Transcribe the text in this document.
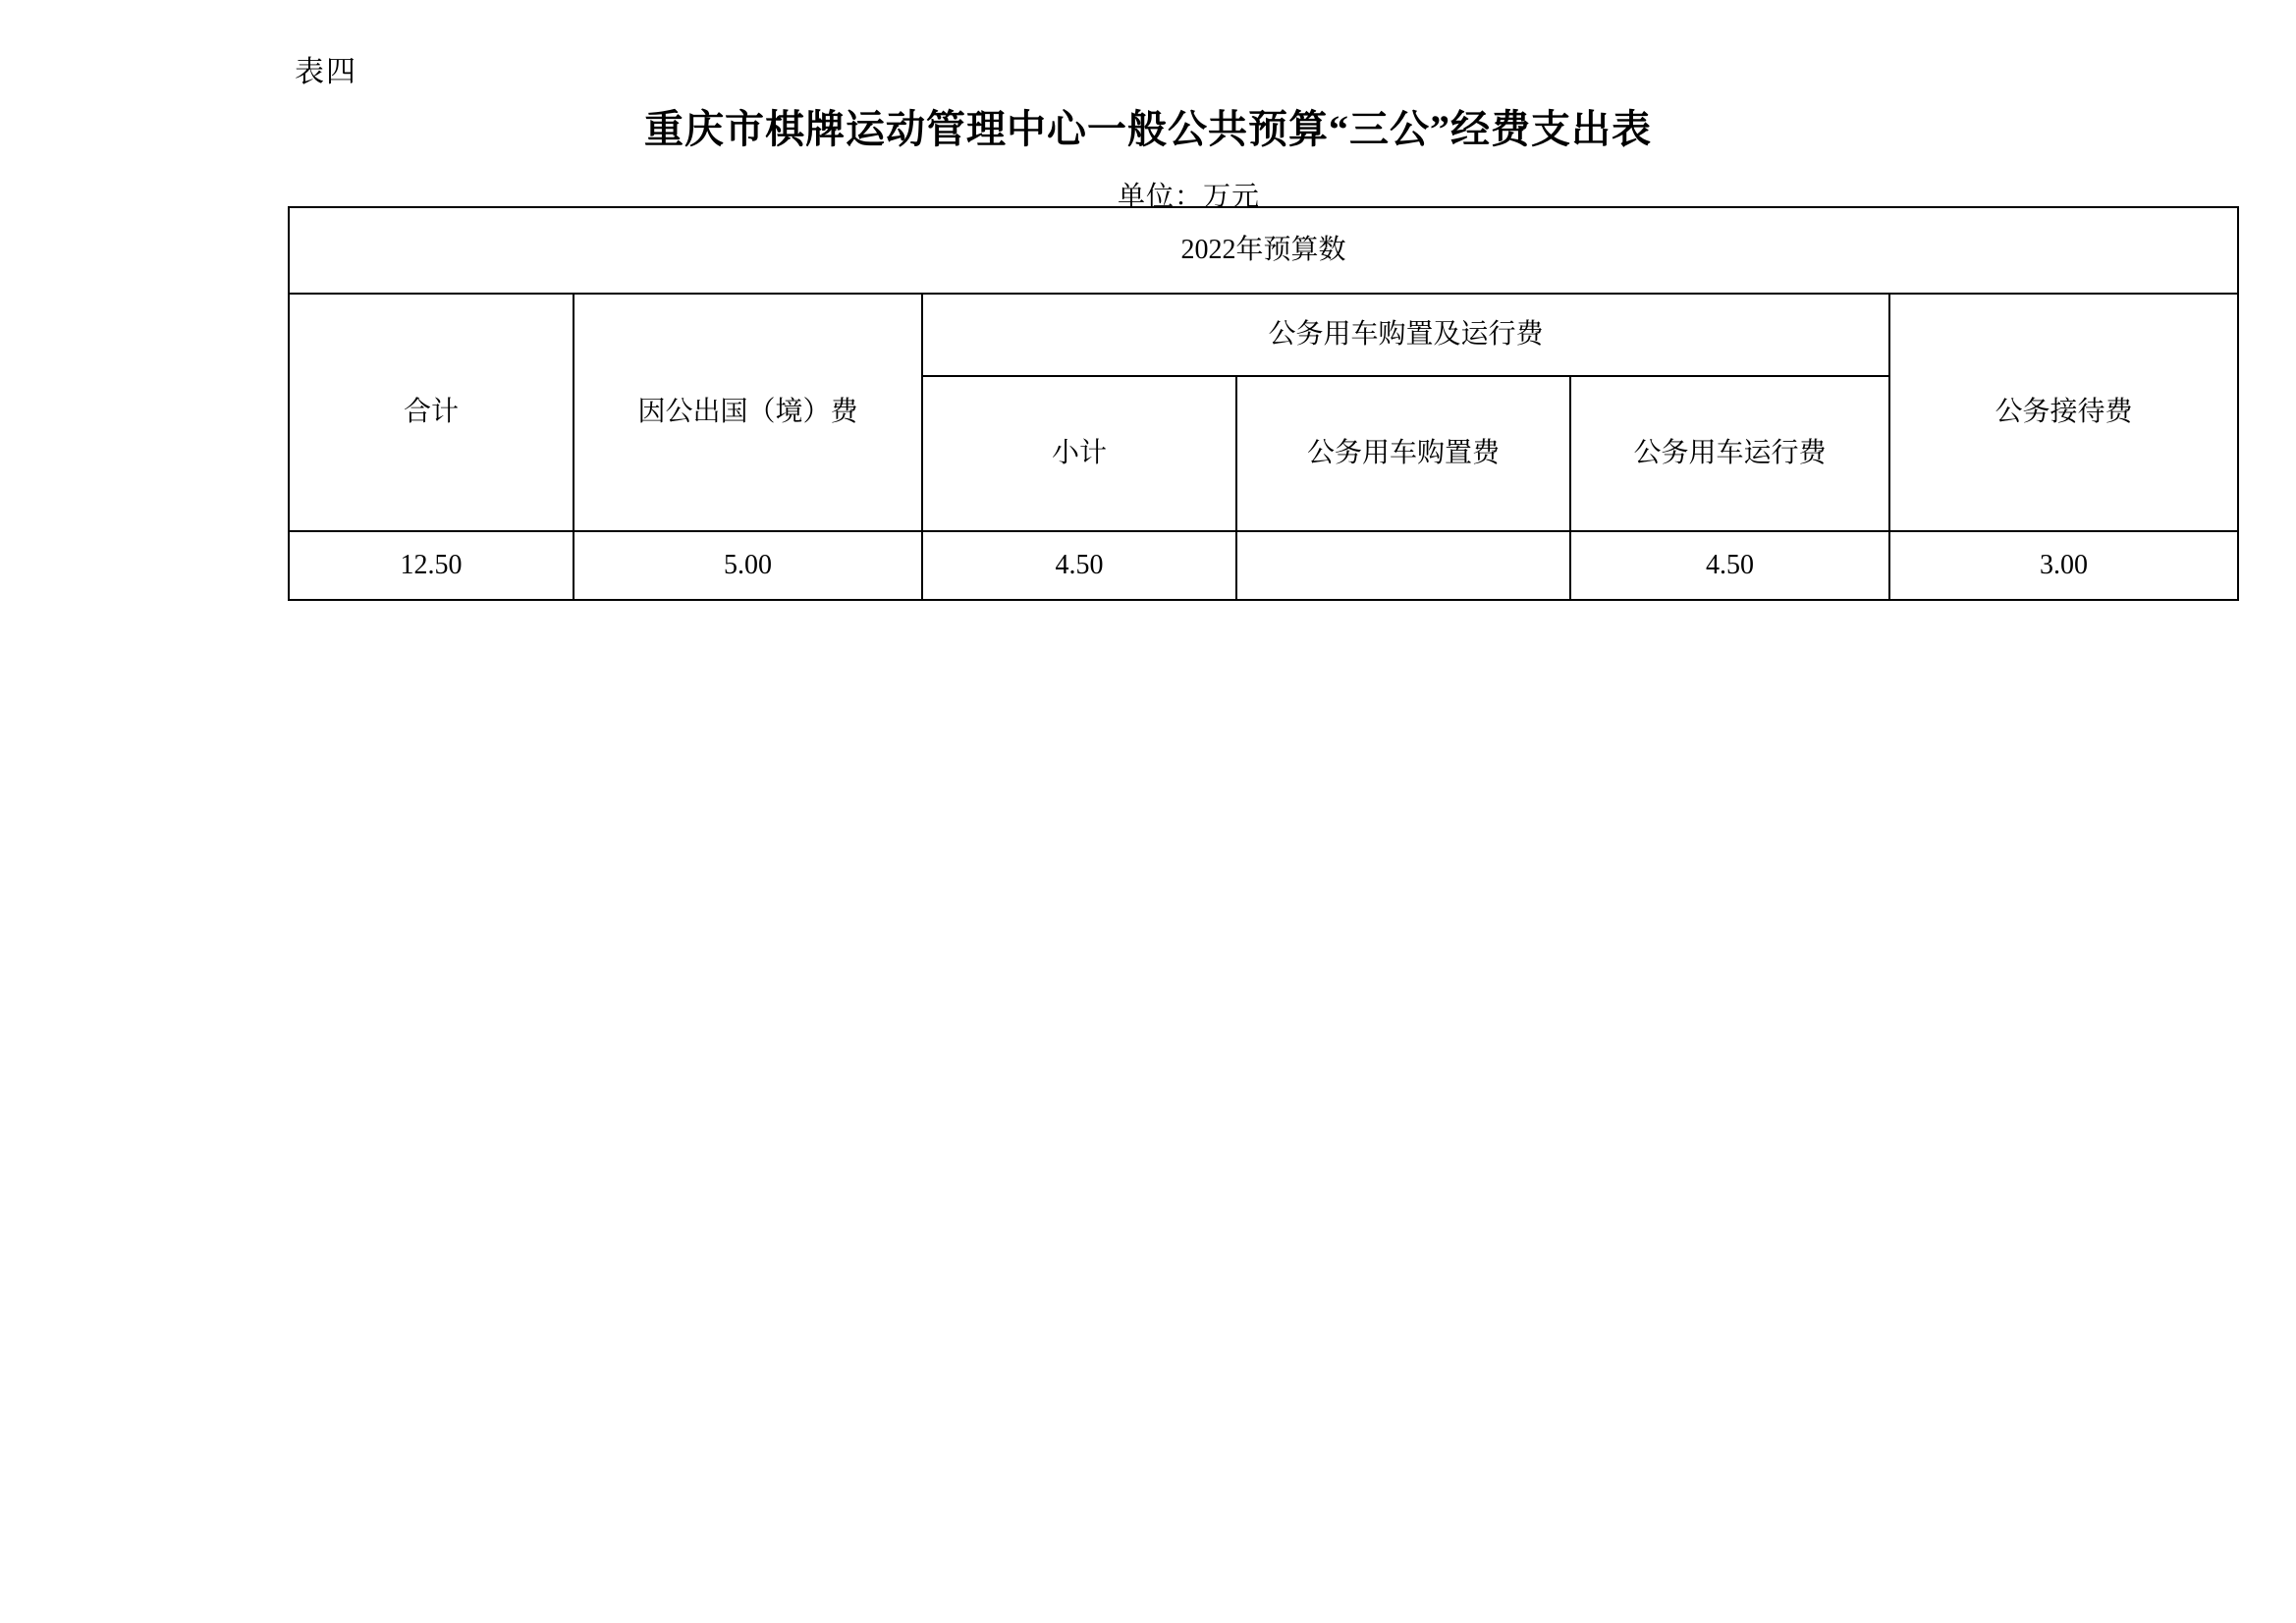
表四
重庆市棋牌运动管理中心一般公共预算“三公”经费支出表
单位：万元
2022年预算数					
合计	因公出国（境）费	公务用车购置及运行费			公务接待费
		小计	公务用车购置费	公务用车运行费	
12.50	5.00	4.50		4.50	3.00
